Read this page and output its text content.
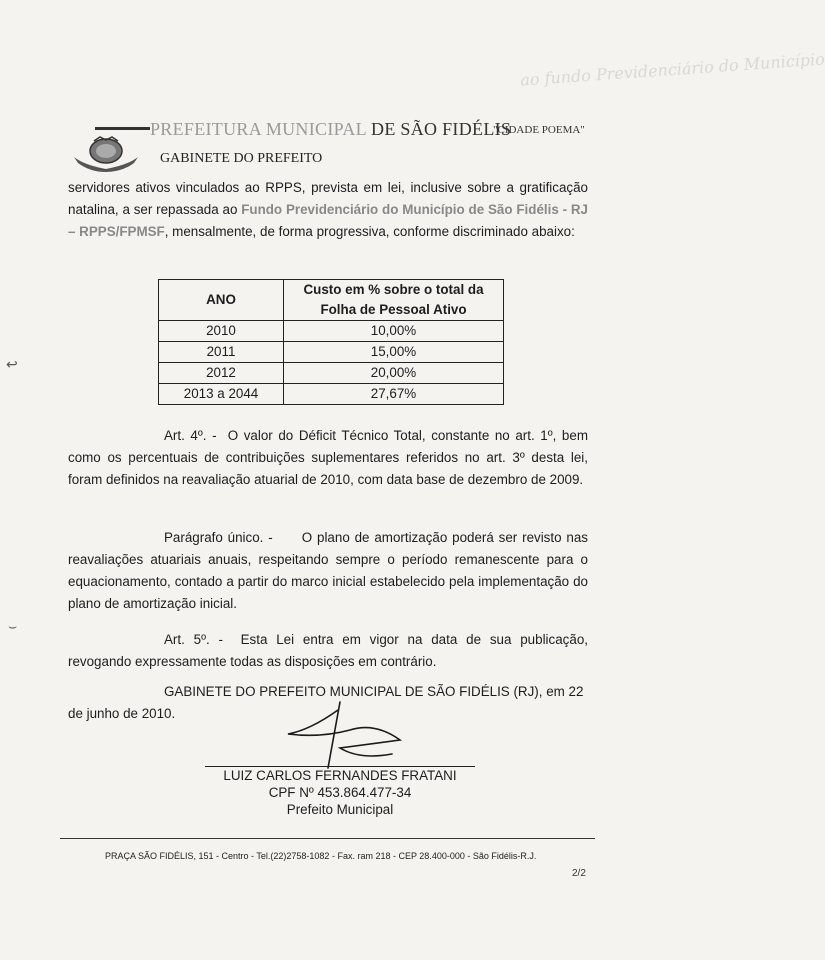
ao fundo Previdenciário do Município
PREFEITURA MUNICIPAL DE SÃO FIDÉLIS
"CIDADE POEMA"
GABINETE DO PREFEITO
servidores ativos vinculados ao RPPS, prevista em lei, inclusive sobre a gratificação natalina, a ser repassada ao Fundo Previdenciário do Município de São Fidélis - RJ – RPPS/FPMSF, mensalmente, de forma progressiva, conforme discriminado abaixo:
ANO	Custo em % sobre o total da Folha de Pessoal Ativo
2010	10,00%
2011	15,00%
2012	20,00%
2013 a 2044	27,67%
Art. 4º. - O valor do Déficit Técnico Total, constante no art. 1º, bem como os percentuais de contribuições suplementares referidos no art. 3º desta lei, foram definidos na reavaliação atuarial de 2010, com data base de dezembro de 2009.
Parágrafo único. - O plano de amortização poderá ser revisto nas reavaliações atuariais anuais, respeitando sempre o período remanescente para o equacionamento, contado a partir do marco inicial estabelecido pela implementação do plano de amortização inicial.
Art. 5º. - Esta Lei entra em vigor na data de sua publicação, revogando expressamente todas as disposições em contrário.
GABINETE DO PREFEITO MUNICIPAL DE SÃO FIDÉLIS (RJ), em 22 de junho de 2010.
LUIZ CARLOS FERNANDES FRATANI
CPF Nº 453.864.477-34
Prefeito Municipal
PRAÇA SÃO FIDÉLIS, 151 - Centro - Tel.(22)2758-1082 - Fax. ram 218 - CEP 28.400-000 - São Fidélis-R.J.
2/2
↩
⌣
